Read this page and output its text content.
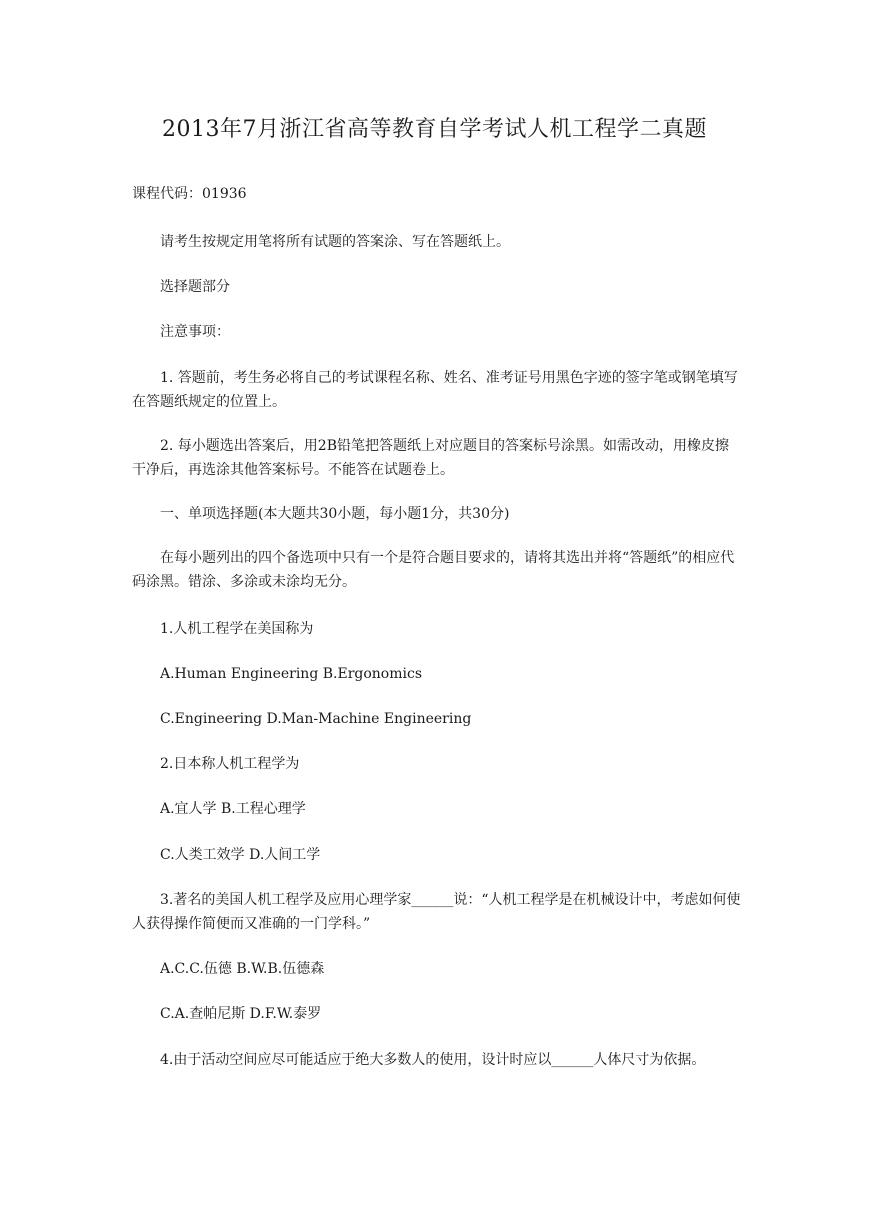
2013年7月浙江省高等教育自学考试人机工程学二真题
课程代码：01936
请考生按规定用笔将所有试题的答案涂、写在答题纸上。
选择题部分
注意事项：
1. 答题前，考生务必将自己的考试课程名称、姓名、准考证号用黑色字迹的签字笔或钢笔填写在答题纸规定的位置上。
2. 每小题选出答案后，用2B铅笔把答题纸上对应题目的答案标号涂黑。如需改动，用橡皮擦干净后，再选涂其他答案标号。不能答在试题卷上。
一、单项选择题(本大题共30小题，每小题1分，共30分)
在每小题列出的四个备选项中只有一个是符合题目要求的，请将其选出并将“答题纸”的相应代码涂黑。错涂、多涂或未涂均无分。
1.人机工程学在美国称为
A.Human Engineering B.Ergonomics
C.Engineering D.Man-Machine Engineering
2.日本称人机工程学为
A.宜人学 B.工程心理学
C.人类工效学 D.人间工学
3.著名的美国人机工程学及应用心理学家______说：“人机工程学是在机械设计中，考虑如何使人获得操作简便而又准确的一门学科。”
A.C.C.伍德 B.W.B.伍德森
C.A.查帕尼斯 D.F.W.泰罗
4.由于活动空间应尽可能适应于绝大多数人的使用，设计时应以______人体尺寸为依据。
